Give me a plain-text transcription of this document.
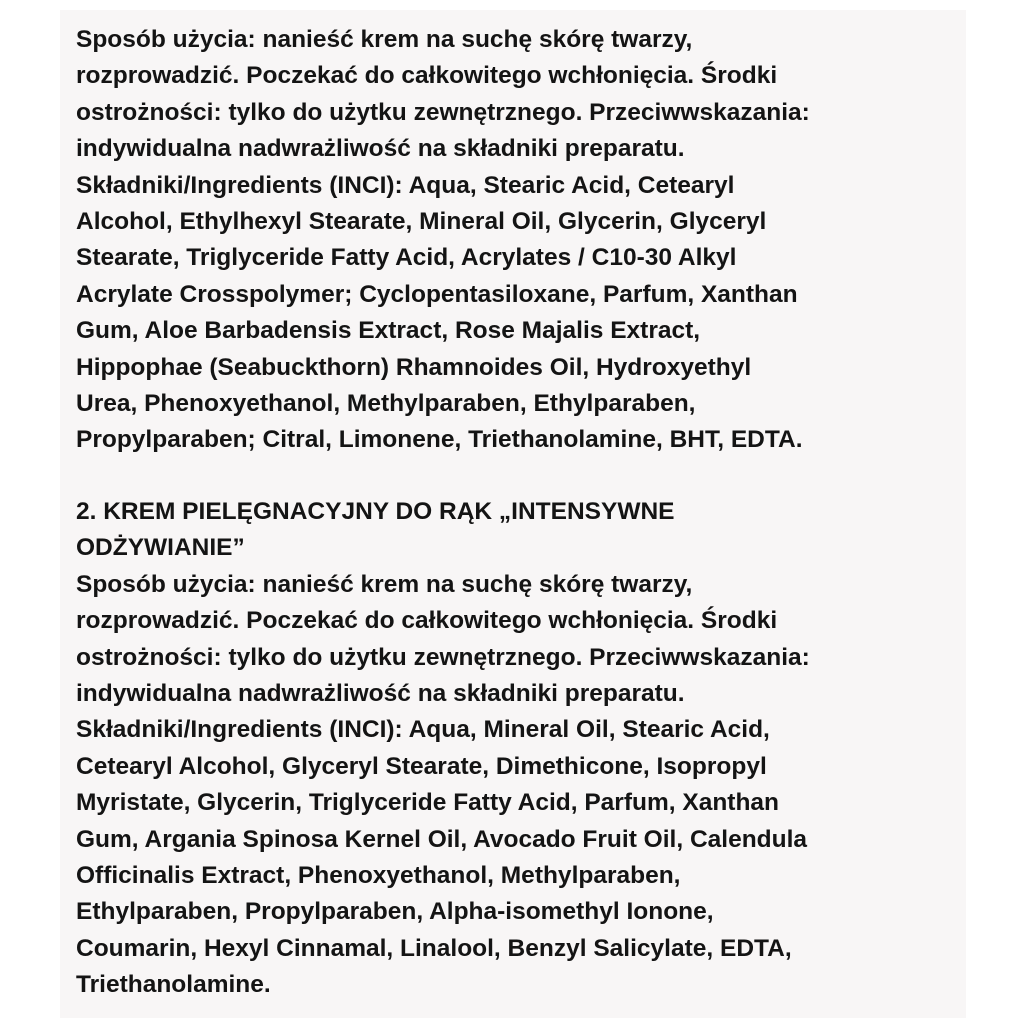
Sposób użycia: nanieść krem na suchę skórę twarzy,
rozprowadzić. Poczekać do całkowitego wchłonięcia. Środki
ostrożności: tylko do użytku zewnętrznego. Przeciwwskazania:
indywidualna nadwrażliwość na składniki preparatu.
Składniki/Ingredients (INCI): Aqua, Stearic Acid, Cetearyl
Alcohol, Ethylhexyl Stearate, Mineral Oil, Glycerin, Glyceryl
Stearate, Triglyceride Fatty Acid, Acrylates / C10-30 Alkyl
Acrylate Crosspolymer; Cyclopentasiloxane, Parfum, Xanthan
Gum, Aloe Barbadensis Extract, Rose Majalis Extract,
Hippophae (Seabuckthorn) Rhamnoides Oil, Hydroxyethyl
Urea, Phenoxyethanol, Methylparaben, Ethylparaben,
Propylparaben; Citral, Limonene, Triethanolamine, BHT, EDTA.
2. KREM PIELĘGNACYJNY DO RĄK „INTENSYWNE
ODŻYWIANIE”
Sposób użycia: nanieść krem na suchę skórę twarzy,
rozprowadzić. Poczekać do całkowitego wchłonięcia. Środki
ostrożności: tylko do użytku zewnętrznego. Przeciwwskazania:
indywidualna nadwrażliwość na składniki preparatu.
Składniki/Ingredients (INCI): Aqua, Mineral Oil, Stearic Acid,
Cetearyl Alcohol, Glyceryl Stearate, Dimethicone, Isopropyl
Myristate, Glycerin, Triglyceride Fatty Acid, Parfum, Xanthan
Gum, Argania Spinosa Kernel Oil, Avocado Fruit Oil, Calendula
Officinalis Extract, Phenoxyethanol, Methylparaben,
Ethylparaben, Propylparaben, Alpha-isomethyl Ionone,
Coumarin, Hexyl Cinnamal, Linalool, Benzyl Salicylate, EDTA,
Triethanolamine.
